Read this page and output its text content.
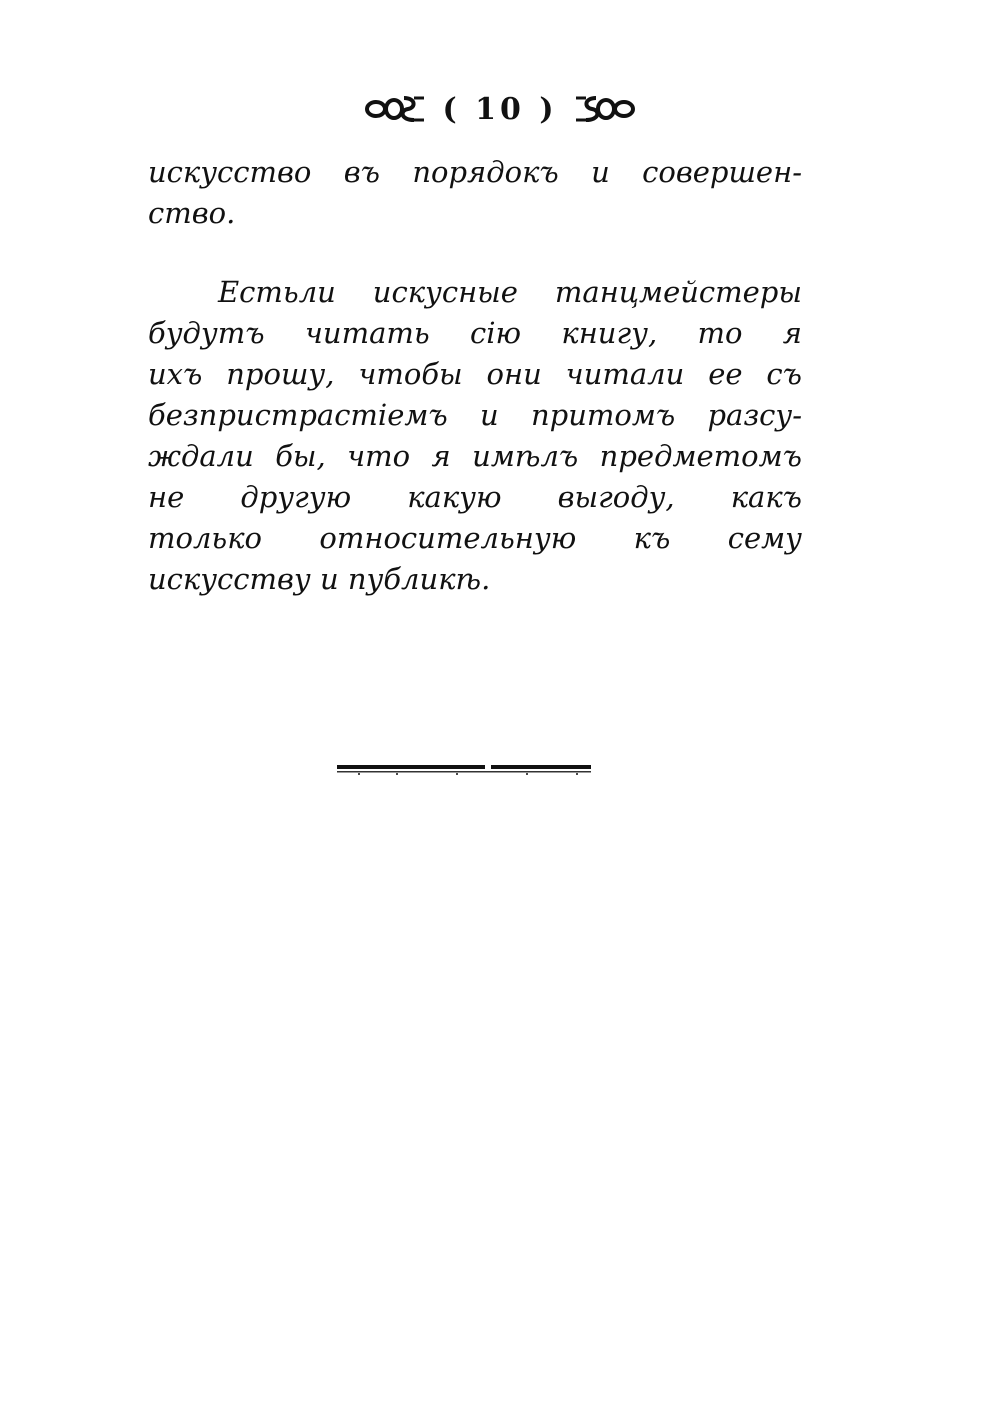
( 10 )
искусство въ порядокъ и совершен-
ство.
Естьли искусные танцмейстеры
будутъ читать сію книгу, то я
ихъ прошу, чтобы они читали ее съ
безпристрастіемъ и притомъ разсу-
ждали бы, что я имѣлъ предметомъ
не другую какую выгоду, какъ
только относительную къ сему
искусству и публикѣ.
